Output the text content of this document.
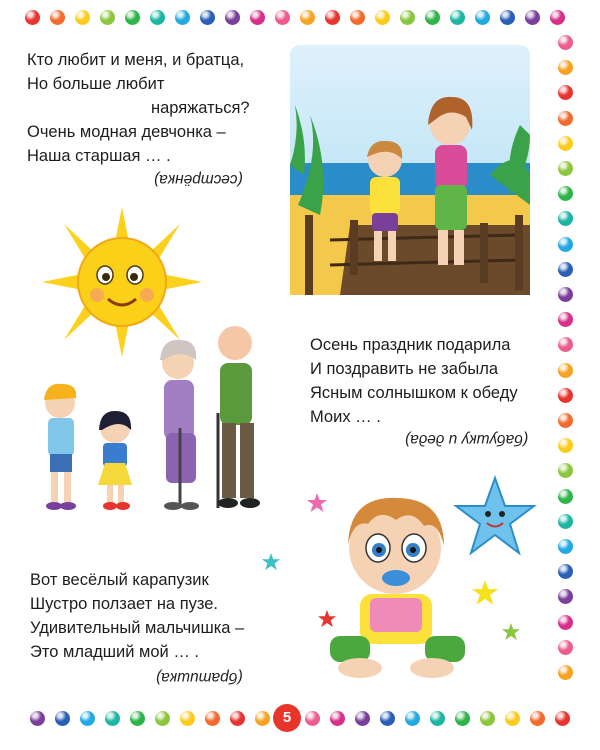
Кто любит и меня, и братца,
Но больше любит
наряжаться?
Очень модная девчонка –
Наша старшая … .
(сестрёнка)
Осень праздник подарила
И поздравить не забыла
Ясным солнышком к обеду
Моих … .
(бабушку и деда)
Вот весёлый карапузик
Шустро ползает на пузе.
Удивительный мальчишка –
Это младший мой … .
(братишка)
5
